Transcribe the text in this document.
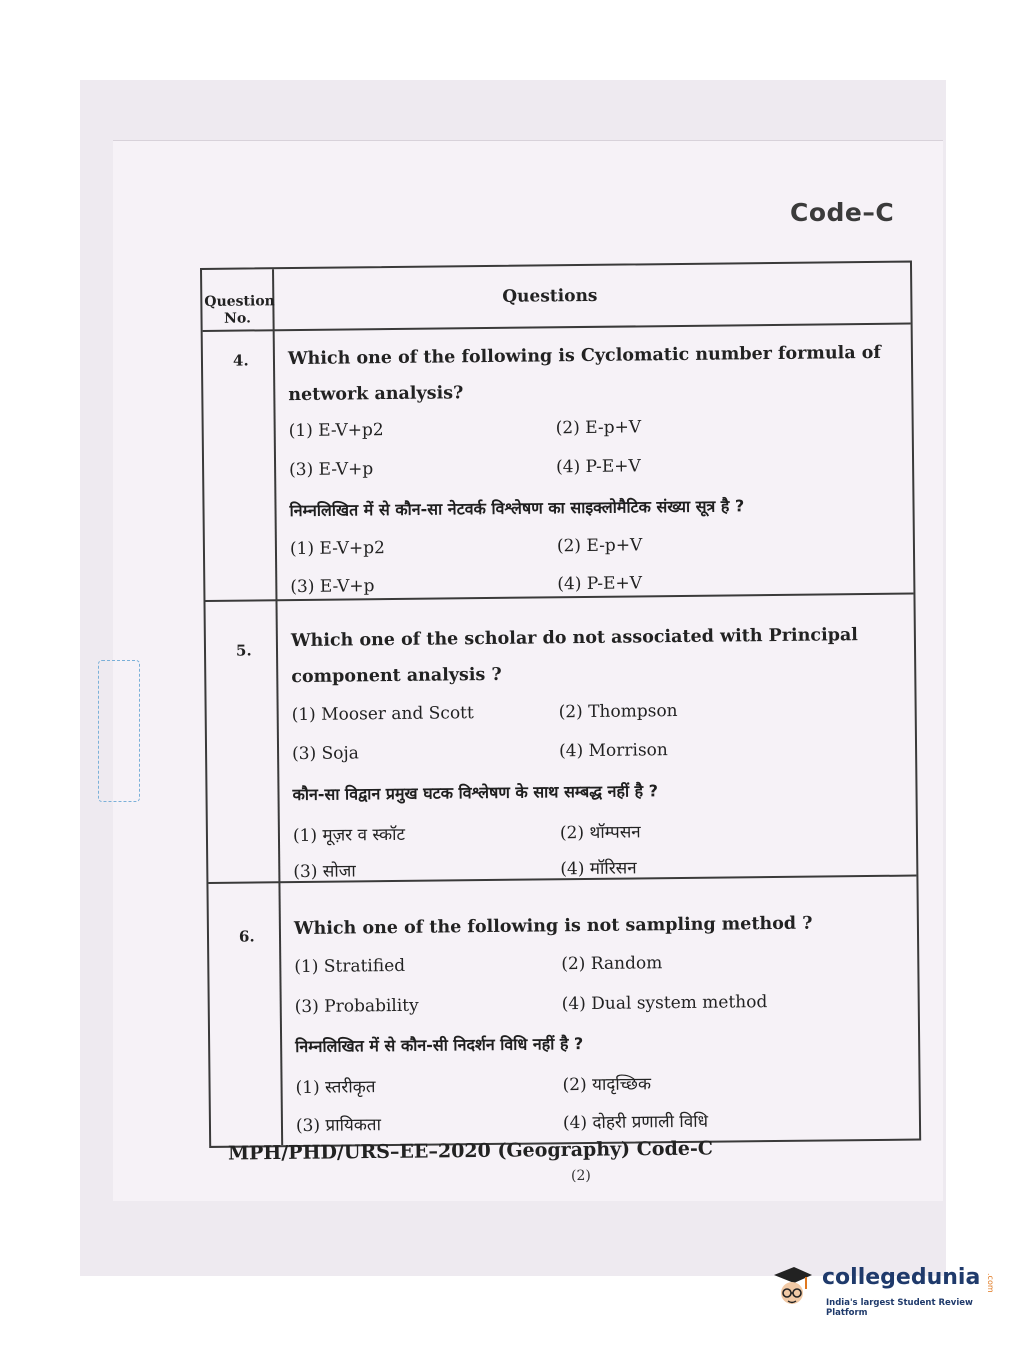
Code–C
Question No.
Questions
4. Which one of the following is Cyclomatic number formula of network analysis?
(1) E-V+p2	(2) E-p+V
(3) E-V+p	(4) P-E+V
निम्नलिखित में से कौन-सा नेटवर्क विश्लेषण का साइक्लोमैटिक संख्या सूत्र है ?
(1) E-V+p2	(2) E-p+V
(3) E-V+p	(4) P-E+V
5. Which one of the scholar do not associated with Principal component analysis ?
(1) Mooser and Scott	(2) Thompson
(3) Soja	(4) Morrison
कौन-सा विद्वान प्रमुख घटक विश्लेषण के साथ सम्बद्ध नहीं है ?
(1) मूज़र व स्कॉट	(2) थॉम्पसन
(3) सोजा	(4) मॉरिसन
6. Which one of the following is not sampling method ?
(1) Stratified	(2) Random
(3) Probability	(4) Dual system method
निम्नलिखित में से कौन-सी निदर्शन विधि नहीं है ?
(1) स्तरीकृत	(2) यादृच्छिक
(3) प्रायिकता	(4) दोहरी प्रणाली विधि
MPH/PHD/URS–EE–2020 (Geography) Code-C
(2)
collegedunia .com
India's largest Student Review Platform
